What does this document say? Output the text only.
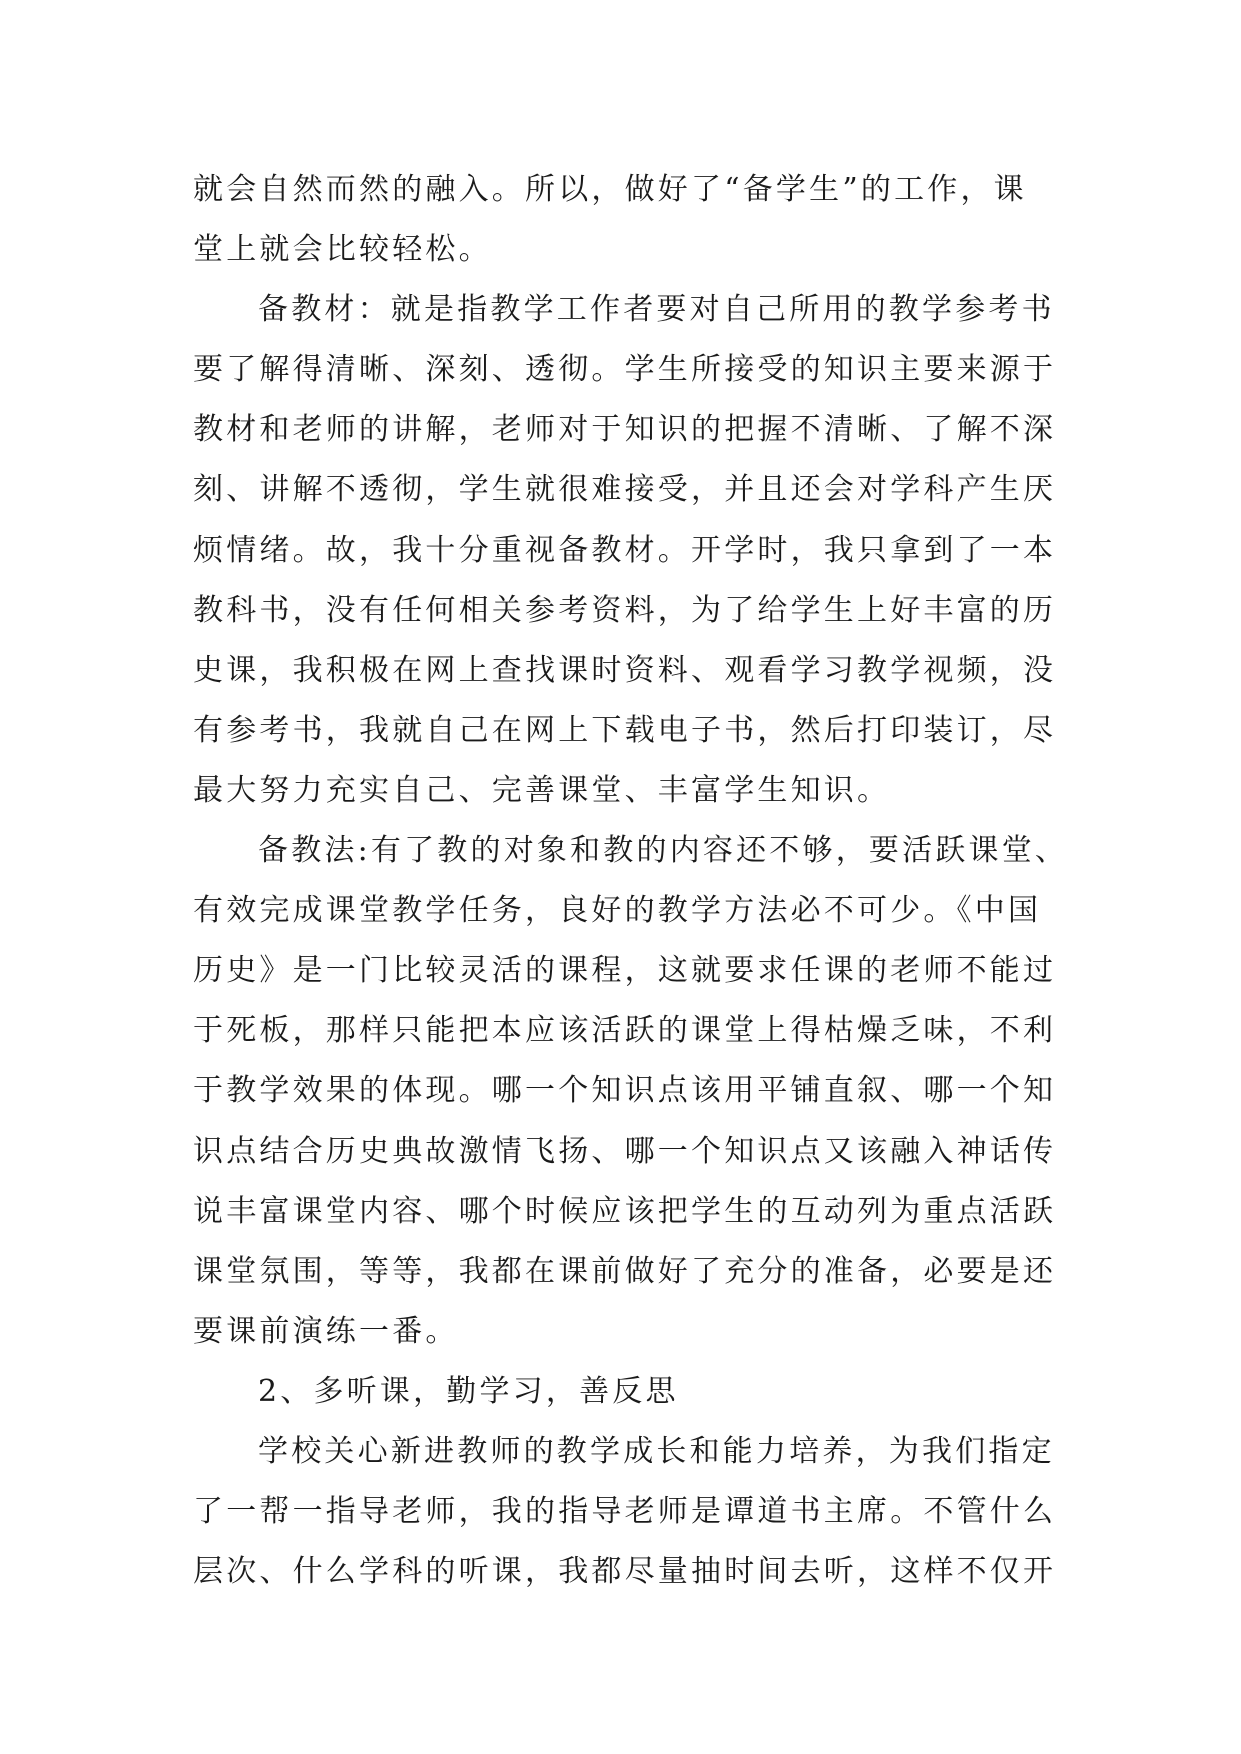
就会自然而然的融入。所以，做好了“备学生”的工作，课
堂上就会比较轻松。
备教材：就是指教学工作者要对自己所用的教学参考书
要了解得清晰、深刻、透彻。学生所接受的知识主要来源于
教材和老师的讲解，老师对于知识的把握不清晰、了解不深
刻、讲解不透彻，学生就很难接受，并且还会对学科产生厌
烦情绪。故，我十分重视备教材。开学时，我只拿到了一本
教科书，没有任何相关参考资料，为了给学生上好丰富的历
史课，我积极在网上查找课时资料、观看学习教学视频，没
有参考书，我就自己在网上下载电子书，然后打印装订，尽
最大努力充实自己、完善课堂、丰富学生知识。
备教法:有了教的对象和教的内容还不够，要活跃课堂、
有效完成课堂教学任务，良好的教学方法必不可少。《中国
历史》是一门比较灵活的课程，这就要求任课的老师不能过
于死板，那样只能把本应该活跃的课堂上得枯燥乏味，不利
于教学效果的体现。哪一个知识点该用平铺直叙、哪一个知
识点结合历史典故激情飞扬、哪一个知识点又该融入神话传
说丰富课堂内容、哪个时候应该把学生的互动列为重点活跃
课堂氛围，等等，我都在课前做好了充分的准备，必要是还
要课前演练一番。
2、多听课，勤学习，善反思
学校关心新进教师的教学成长和能力培养，为我们指定
了一帮一指导老师，我的指导老师是谭道书主席。不管什么
层次、什么学科的听课，我都尽量抽时间去听，这样不仅开
